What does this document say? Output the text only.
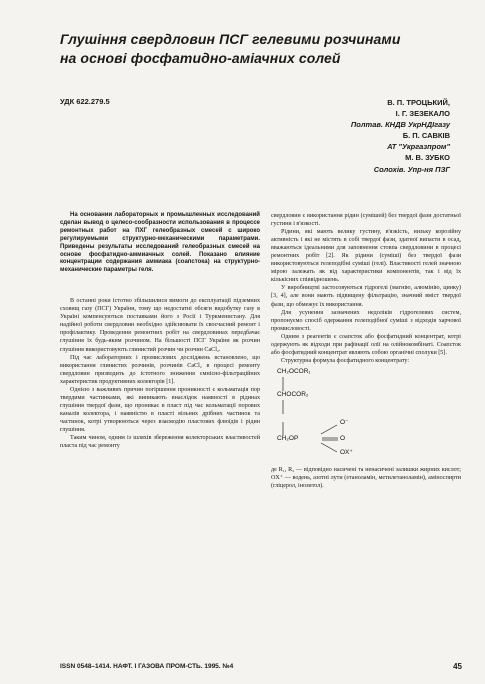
Глушіння свердловин ПСГ гелевими розчинами
на основі фосфатидно-аміачних солей
УДК 622.279.5	В. П. ТРОЦЬКИЙ,
І. Г. ЗЕЗЕКАЛО
Полтав. КНДВ УкрНДІгазу
Б. П. САВКІВ
АТ "Укргазпром"
М. В. ЗУБКО
Солохів. Упр-ня ПЗГ

На основании лабораторных и промышленных исследований сделан вывод о целесо-сообразности использования в процессе ремонтных работ на ПХГ гелеобразных смесей с широко регулируемыми структурно-механическими параметрами. Приведены результаты исследований гелеобразных смесей на основе фосфатидно-аммиачных солей. Показано влияние концентрации содержания аммиака (соапстока) на структурно-механические параметры геля.

В останні роки істотно збільшилися вимоги до експлуатації підземних сховищ газу (ПСГ) України, тому що недостатні обсяги видобутку газу в Україні компенсуються поставками його з Росії і Туркменистану. Для надійної роботи свердловин необхідно здійснювати їх своєчасний ремонт і профілактику. Проведення ремонтних робіт на свердловинах передбачає глушіння їх будь-яким розчином. На більшості ПСГ України як розчин глушіння використовують глинистий розчин чи розчин CaCl₂.

Під час лабораторних і промислових досліджень встановлено, що використання глинистих розчинів, розчинів CaCl₂ в процесі ремонту свердловин призводить до істотного зниження ємнісно-фільтраційних характеристик продуктивних колекторів [1].

Однією з важливих причин погіршення проникності є кольматація пор твердими частинками, які виникають внаслідок наявності в рідинах глушіння твердої фази, що проникає в пласт під час кольматації порових каналів колектора, і наявністю в пласті вільних дрібних частинок та частинок, котрі утворюються через взаємодію пластових флюїдів і рідин глушіння.

Таким чином, одним із шляхів збереження колекторських властивостей пласта під час ремонту

свердловин є використання рідин (сумішей) без твердої фази достатньої густини і в'язкості.

Рідини, які мають велику густину, в'язкість, низьку корозійну активність і які не містять в собі твердої фази, здатної випасти в осад, вважаються ідеальними для заповнення стовпа свердловини в процесі ремонтних робіт [2]. Як рідини (суміші) без твердої фази використовуються гелеподібні суміші (гелі). Властивості гелей значною мірою залежать як від характеристики компонентів, так і від їх кількісних співвідношень.

У виробництві застосовуються гідрогелі (магнію, алюмінію, цинку) [3, 4], але вони мають підвищену фільтрацію, значний вміст твердої фази, що обмежує їх використання.

Для усунення зазначених недоліків гідрогелевих систем, пропонуємо спосіб одержання гелеподібної суміші з відходів харчової промисловості.

Одним з реагентів є соапсток або фосфатидний концентрат, котрі одержують як відходи при рафінації олії на олійнокомбінаті. Соапсток або фосфатидний концентрат являють собою органічні сполуки [5].

Структурна формула фосфатидного концентрату:

CH₂OCOR₁
CHOCOR₂
CH₂OP
O⁻
O
OX⁺

де R₁, R₂ — відповідно насичені та ненасичені залишки жирних кислот; OX⁺ — водень, азотні лути (етаноламін, метилетаноламін), аміноспирти (гліцерол, інозитол).

ISSN 0548–1414. НАФТ. І ГАЗОВА ПРОМ-СТЬ. 1995. №4	45
